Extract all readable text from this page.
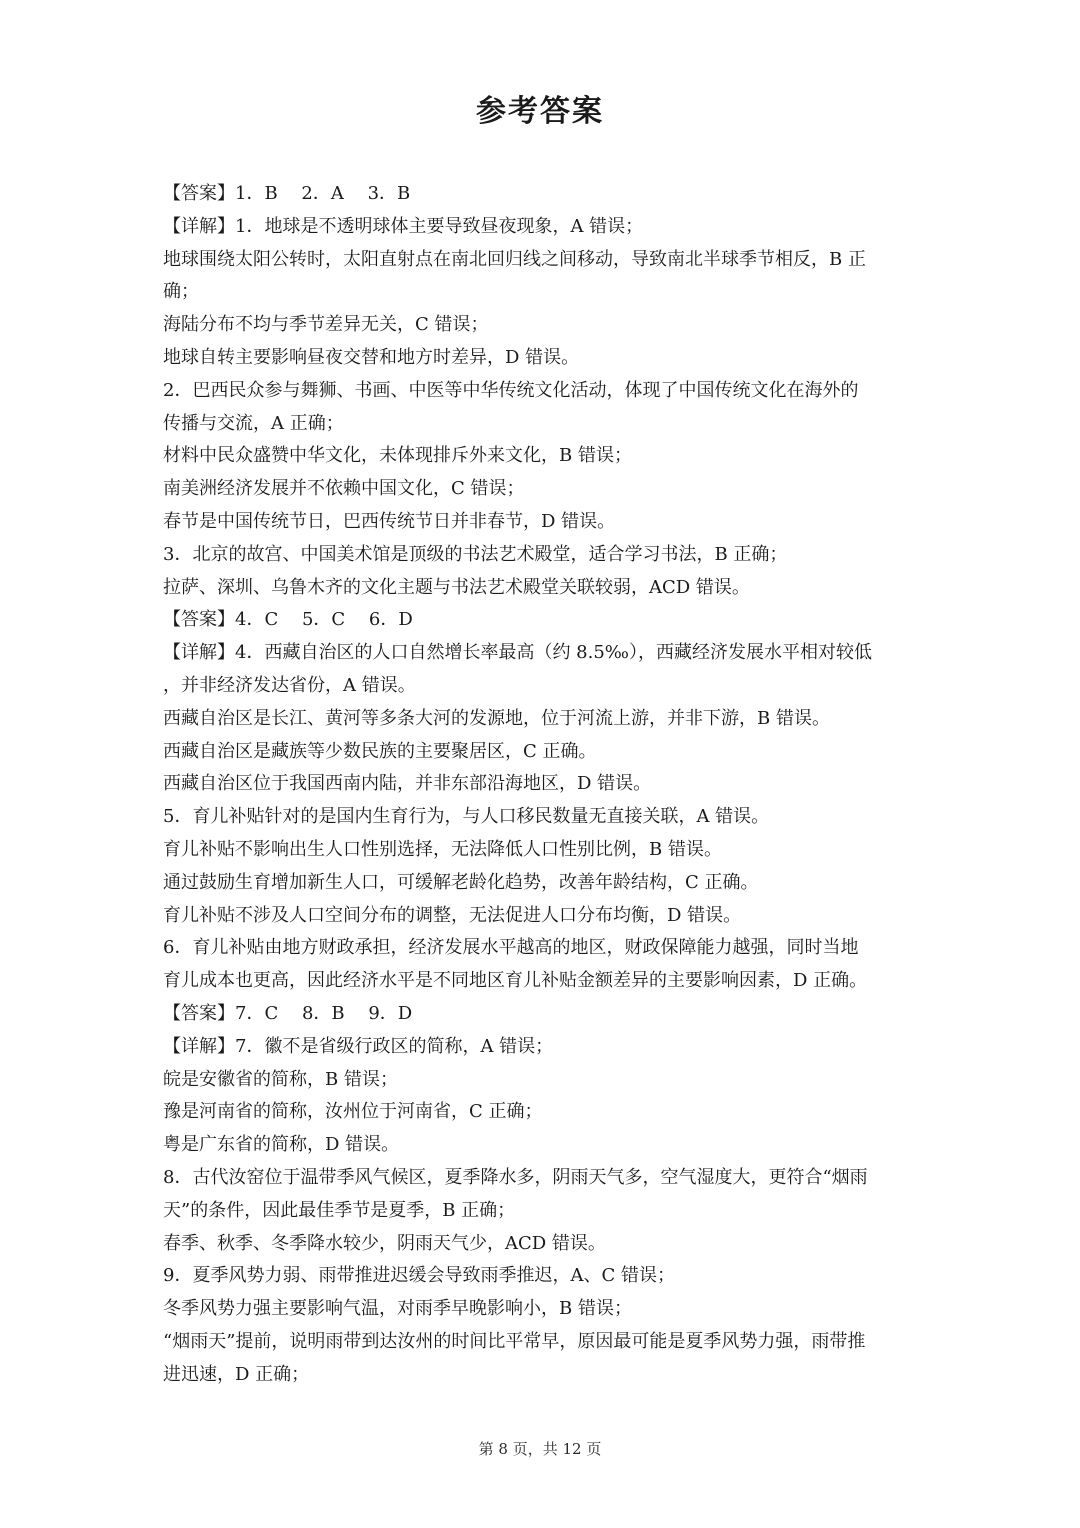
参考答案
【答案】1．B　 2．A　 3．B
【详解】1．地球是不透明球体主要导致昼夜现象，A 错误；
地球围绕太阳公转时，太阳直射点在南北回归线之间移动，导致南北半球季节相反，B 正
确；
海陆分布不均与季节差异无关，C 错误；
地球自转主要影响昼夜交替和地方时差异，D 错误。
2．巴西民众参与舞狮、书画、中医等中华传统文化活动，体现了中国传统文化在海外的
传播与交流，A 正确；
材料中民众盛赞中华文化，未体现排斥外来文化，B 错误；
南美洲经济发展并不依赖中国文化，C 错误；
春节是中国传统节日，巴西传统节日并非春节，D 错误。
3．北京的故宫、中国美术馆是顶级的书法艺术殿堂，适合学习书法，B 正确；
拉萨、深圳、乌鲁木齐的文化主题与书法艺术殿堂关联较弱，ACD 错误。
【答案】4．C　 5．C　 6．D
【详解】4．西藏自治区的人口自然增长率最高（约 8.5‰），西藏经济发展水平相对较低
，并非经济发达省份，A 错误。
西藏自治区是长江、黄河等多条大河的发源地，位于河流上游，并非下游，B 错误。
西藏自治区是藏族等少数民族的主要聚居区，C 正确。
西藏自治区位于我国西南内陆，并非东部沿海地区，D 错误。
5．育儿补贴针对的是国内生育行为，与人口移民数量无直接关联，A 错误。
育儿补贴不影响出生人口性别选择，无法降低人口性别比例，B 错误。
通过鼓励生育增加新生人口，可缓解老龄化趋势，改善年龄结构，C 正确。
育儿补贴不涉及人口空间分布的调整，无法促进人口分布均衡，D 错误。
6．育儿补贴由地方财政承担，经济发展水平越高的地区，财政保障能力越强，同时当地
育儿成本也更高，因此经济水平是不同地区育儿补贴金额差异的主要影响因素，D 正确。
【答案】7．C　 8．B　 9．D
【详解】7．徽不是省级行政区的简称，A 错误；
皖是安徽省的简称，B 错误；
豫是河南省的简称，汝州位于河南省，C 正确；
粤是广东省的简称，D 错误。
8．古代汝窑位于温带季风气候区，夏季降水多，阴雨天气多，空气湿度大，更符合“烟雨
天”的条件，因此最佳季节是夏季，B 正确；
春季、秋季、冬季降水较少，阴雨天气少，ACD 错误。
9．夏季风势力弱、雨带推进迟缓会导致雨季推迟，A、C 错误；
冬季风势力强主要影响气温，对雨季早晚影响小，B 错误；
“烟雨天”提前，说明雨带到达汝州的时间比平常早，原因最可能是夏季风势力强，雨带推
进迅速，D 正确；
第 8 页，共 12 页
